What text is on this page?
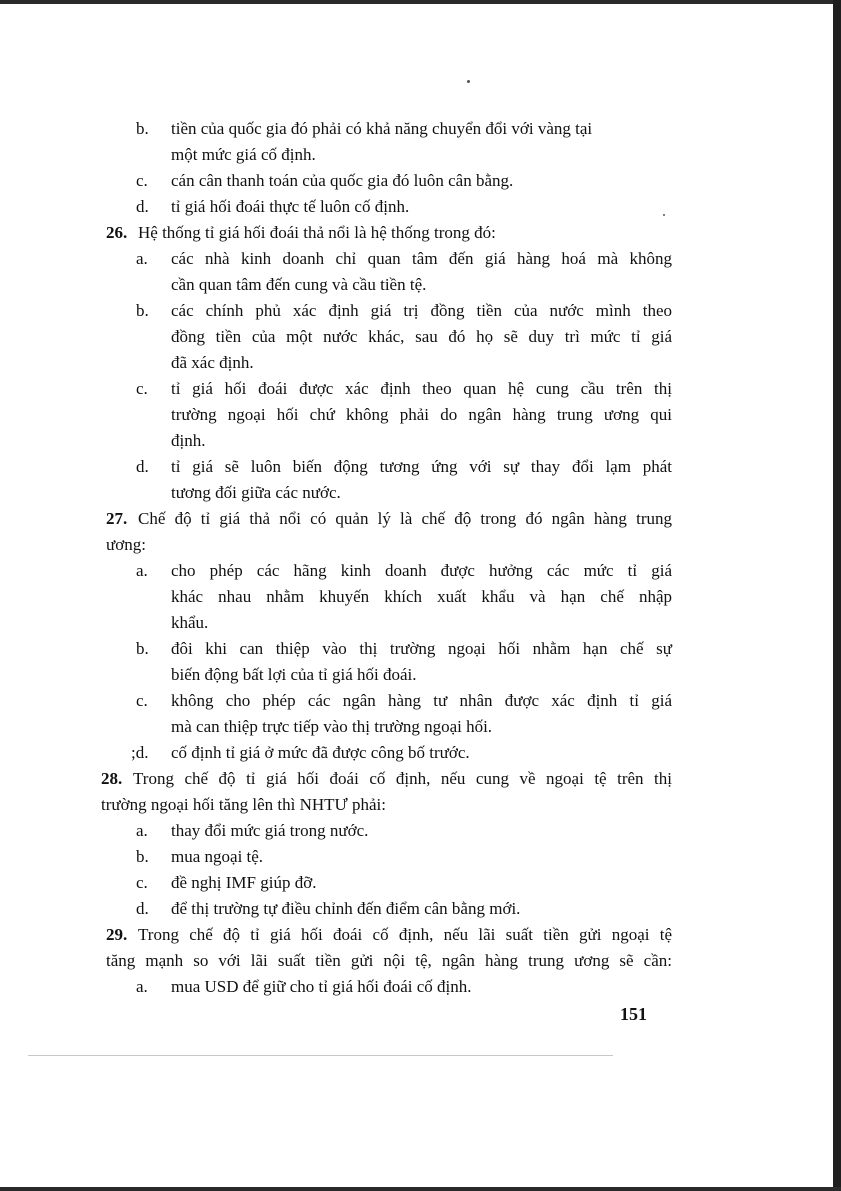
b. tiền của quốc gia đó phải có khả năng chuyển đổi với vàng tại
một mức giá cố định.
c. cán cân thanh toán của quốc gia đó luôn cân bằng.
d. tỉ giá hối đoái thực tế luôn cố định.
26. Hệ thống tỉ giá hối đoái thả nổi là hệ thống trong đó:
a. các nhà kinh doanh chỉ quan tâm đến giá hàng hoá mà không
cần quan tâm đến cung và cầu tiền tệ.
b. các chính phủ xác định giá trị đồng tiền của nước mình theo
đồng tiền của một nước khác, sau đó họ sẽ duy trì mức tỉ giá
đã xác định.
c. tỉ giá hối đoái được xác định theo quan hệ cung cầu trên thị
trường ngoại hối chứ không phải do ngân hàng trung ương qui
định.
d. tỉ giá sẽ luôn biến động tương ứng với sự thay đổi lạm phát
tương đối giữa các nước.
27. Chế độ tỉ giá thả nổi có quản lý là chế độ trong đó ngân hàng trung
ương:
a. cho phép các hãng kinh doanh được hưởng các mức tỉ giá
khác nhau nhằm khuyến khích xuất khẩu và hạn chế nhập
khẩu.
b. đôi khi can thiệp vào thị trường ngoại hối nhằm hạn chế sự
biến động bất lợi của tỉ giá hối đoái.
c. không cho phép các ngân hàng tư nhân được xác định tỉ giá
mà can thiệp trực tiếp vào thị trường ngoại hối.
;d. cố định tỉ giá ở mức đã được công bố trước.
28. Trong chế độ tỉ giá hối đoái cố định, nếu cung về ngoại tệ trên thị
trường ngoại hối tăng lên thì NHTƯ phải:
a. thay đổi mức giá trong nước.
b. mua ngoại tệ.
c. đề nghị IMF giúp đỡ.
d. để thị trường tự điều chỉnh đến điểm cân bằng mới.
29. Trong chế độ tỉ giá hối đoái cố định, nếu lãi suất tiền gửi ngoại tệ
tăng mạnh so với lãi suất tiền gửi nội tệ, ngân hàng trung ương sẽ cần:
a. mua USD để giữ cho tỉ giá hối đoái cố định.
151
